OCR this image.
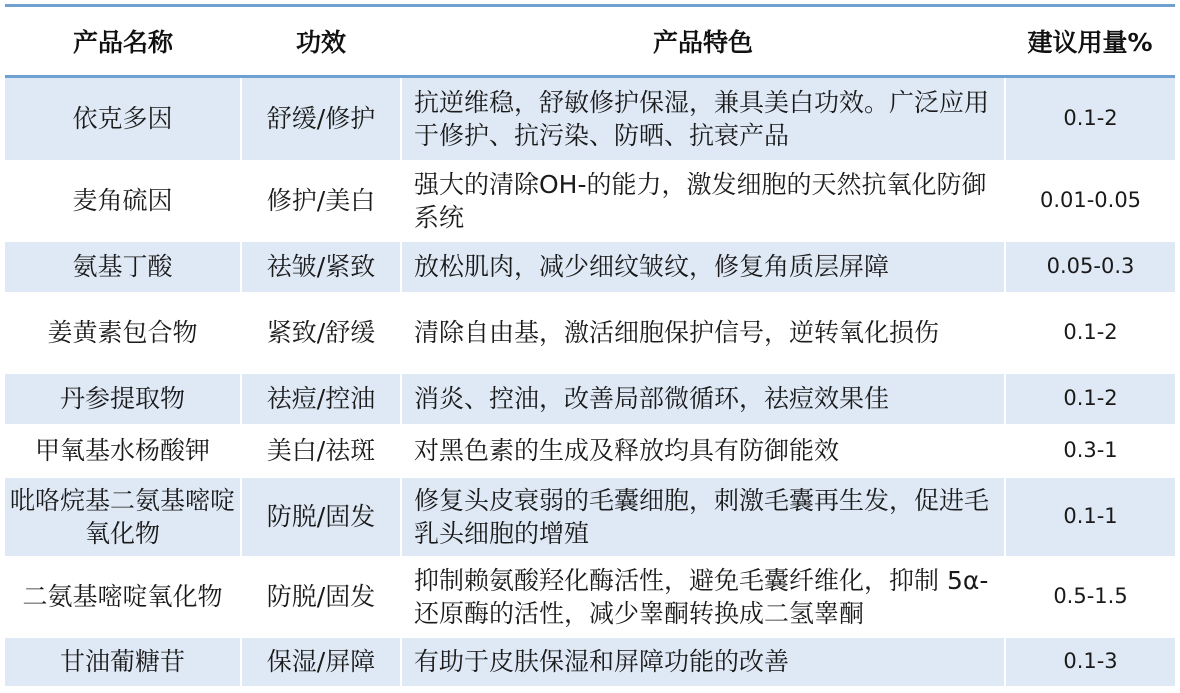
产品名称	功效	产品特色	建议用量%
依克多因	舒缓/修护	抗逆维稳，舒敏修护保湿，兼具美白功效。广泛应用于修护、抗污染、防晒、抗衰产品	0.1-2
麦角硫因	修护/美白	强大的清除OH-的能力，激发细胞的天然抗氧化防御系统	0.01-0.05
氨基丁酸	祛皱/紧致	放松肌肉，减少细纹皱纹，修复角质层屏障	0.05-0.3
姜黄素包合物	紧致/舒缓	清除自由基，激活细胞保护信号，逆转氧化损伤	0.1-2
丹参提取物	祛痘/控油	消炎、控油，改善局部微循环，祛痘效果佳	0.1-2
甲氧基水杨酸钾	美白/祛斑	对黑色素的生成及释放均具有防御能效	0.3-1
吡咯烷基二氨基嘧啶氧化物	防脱/固发	修复头皮衰弱的毛囊细胞，刺激毛囊再生发，促进毛乳头细胞的增殖	0.1-1
二氨基嘧啶氧化物	防脱/固发	抑制赖氨酸羟化酶活性，避免毛囊纤维化，抑制 5α-还原酶的活性，减少睾酮转换成二氢睾酮	0.5-1.5
甘油葡糖苷	保湿/屏障	有助于皮肤保湿和屏障功能的改善	0.1-3
